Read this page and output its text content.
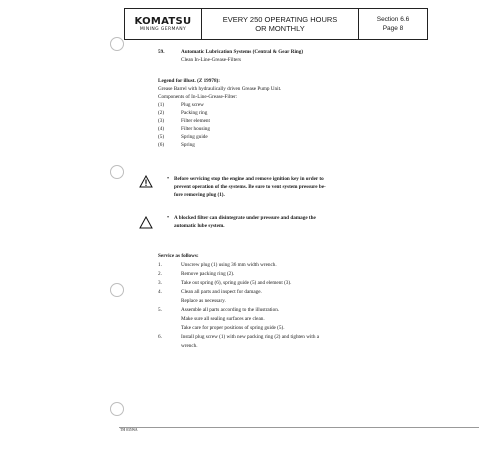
KOMATSU
MINING GERMANY
EVERY 250 OPERATING HOURS
OR MONTHLY
Section 6.6
Page 8
59.	Automatic Lubrication Systems (Central & Gear Ring)
Clean In-Line-Grease-Filters
Legend for illust. (Z 19978):
Grease Barrel with hydraulically driven Grease Pump Unit.
Components of In-Line-Grease-Filter:
(1)	Plug screw
(2)	Packing ring
(3)	Filter element
(4)	Filter housing
(5)	Spring guide
(6)	Spring
• Before servicing stop the engine and remove ignition key in order to
prevent operation of the systems. Be sure to vent system pressure be-
fore removing plug (1).
• A blocked filter can disintegrate under pressure and damage the
automatic lube system.
Service as follows:
1.	Unscrew plug (1) using 36 mm width wrench.
2.	Remove packing ring (2).
3.	Take out spring (6), spring guide (5) and element (3).
4.	Clean all parts and inspect for damage.
Replace as necessary.
5.	Assemble all parts according to the illustration.
Make sure all sealing surfaces are clean.
Take care for proper positions of spring guide (5).
6.	Install plug screw (1) with new packing ring (2) and tighten with a
wrench.
TH 035WA
